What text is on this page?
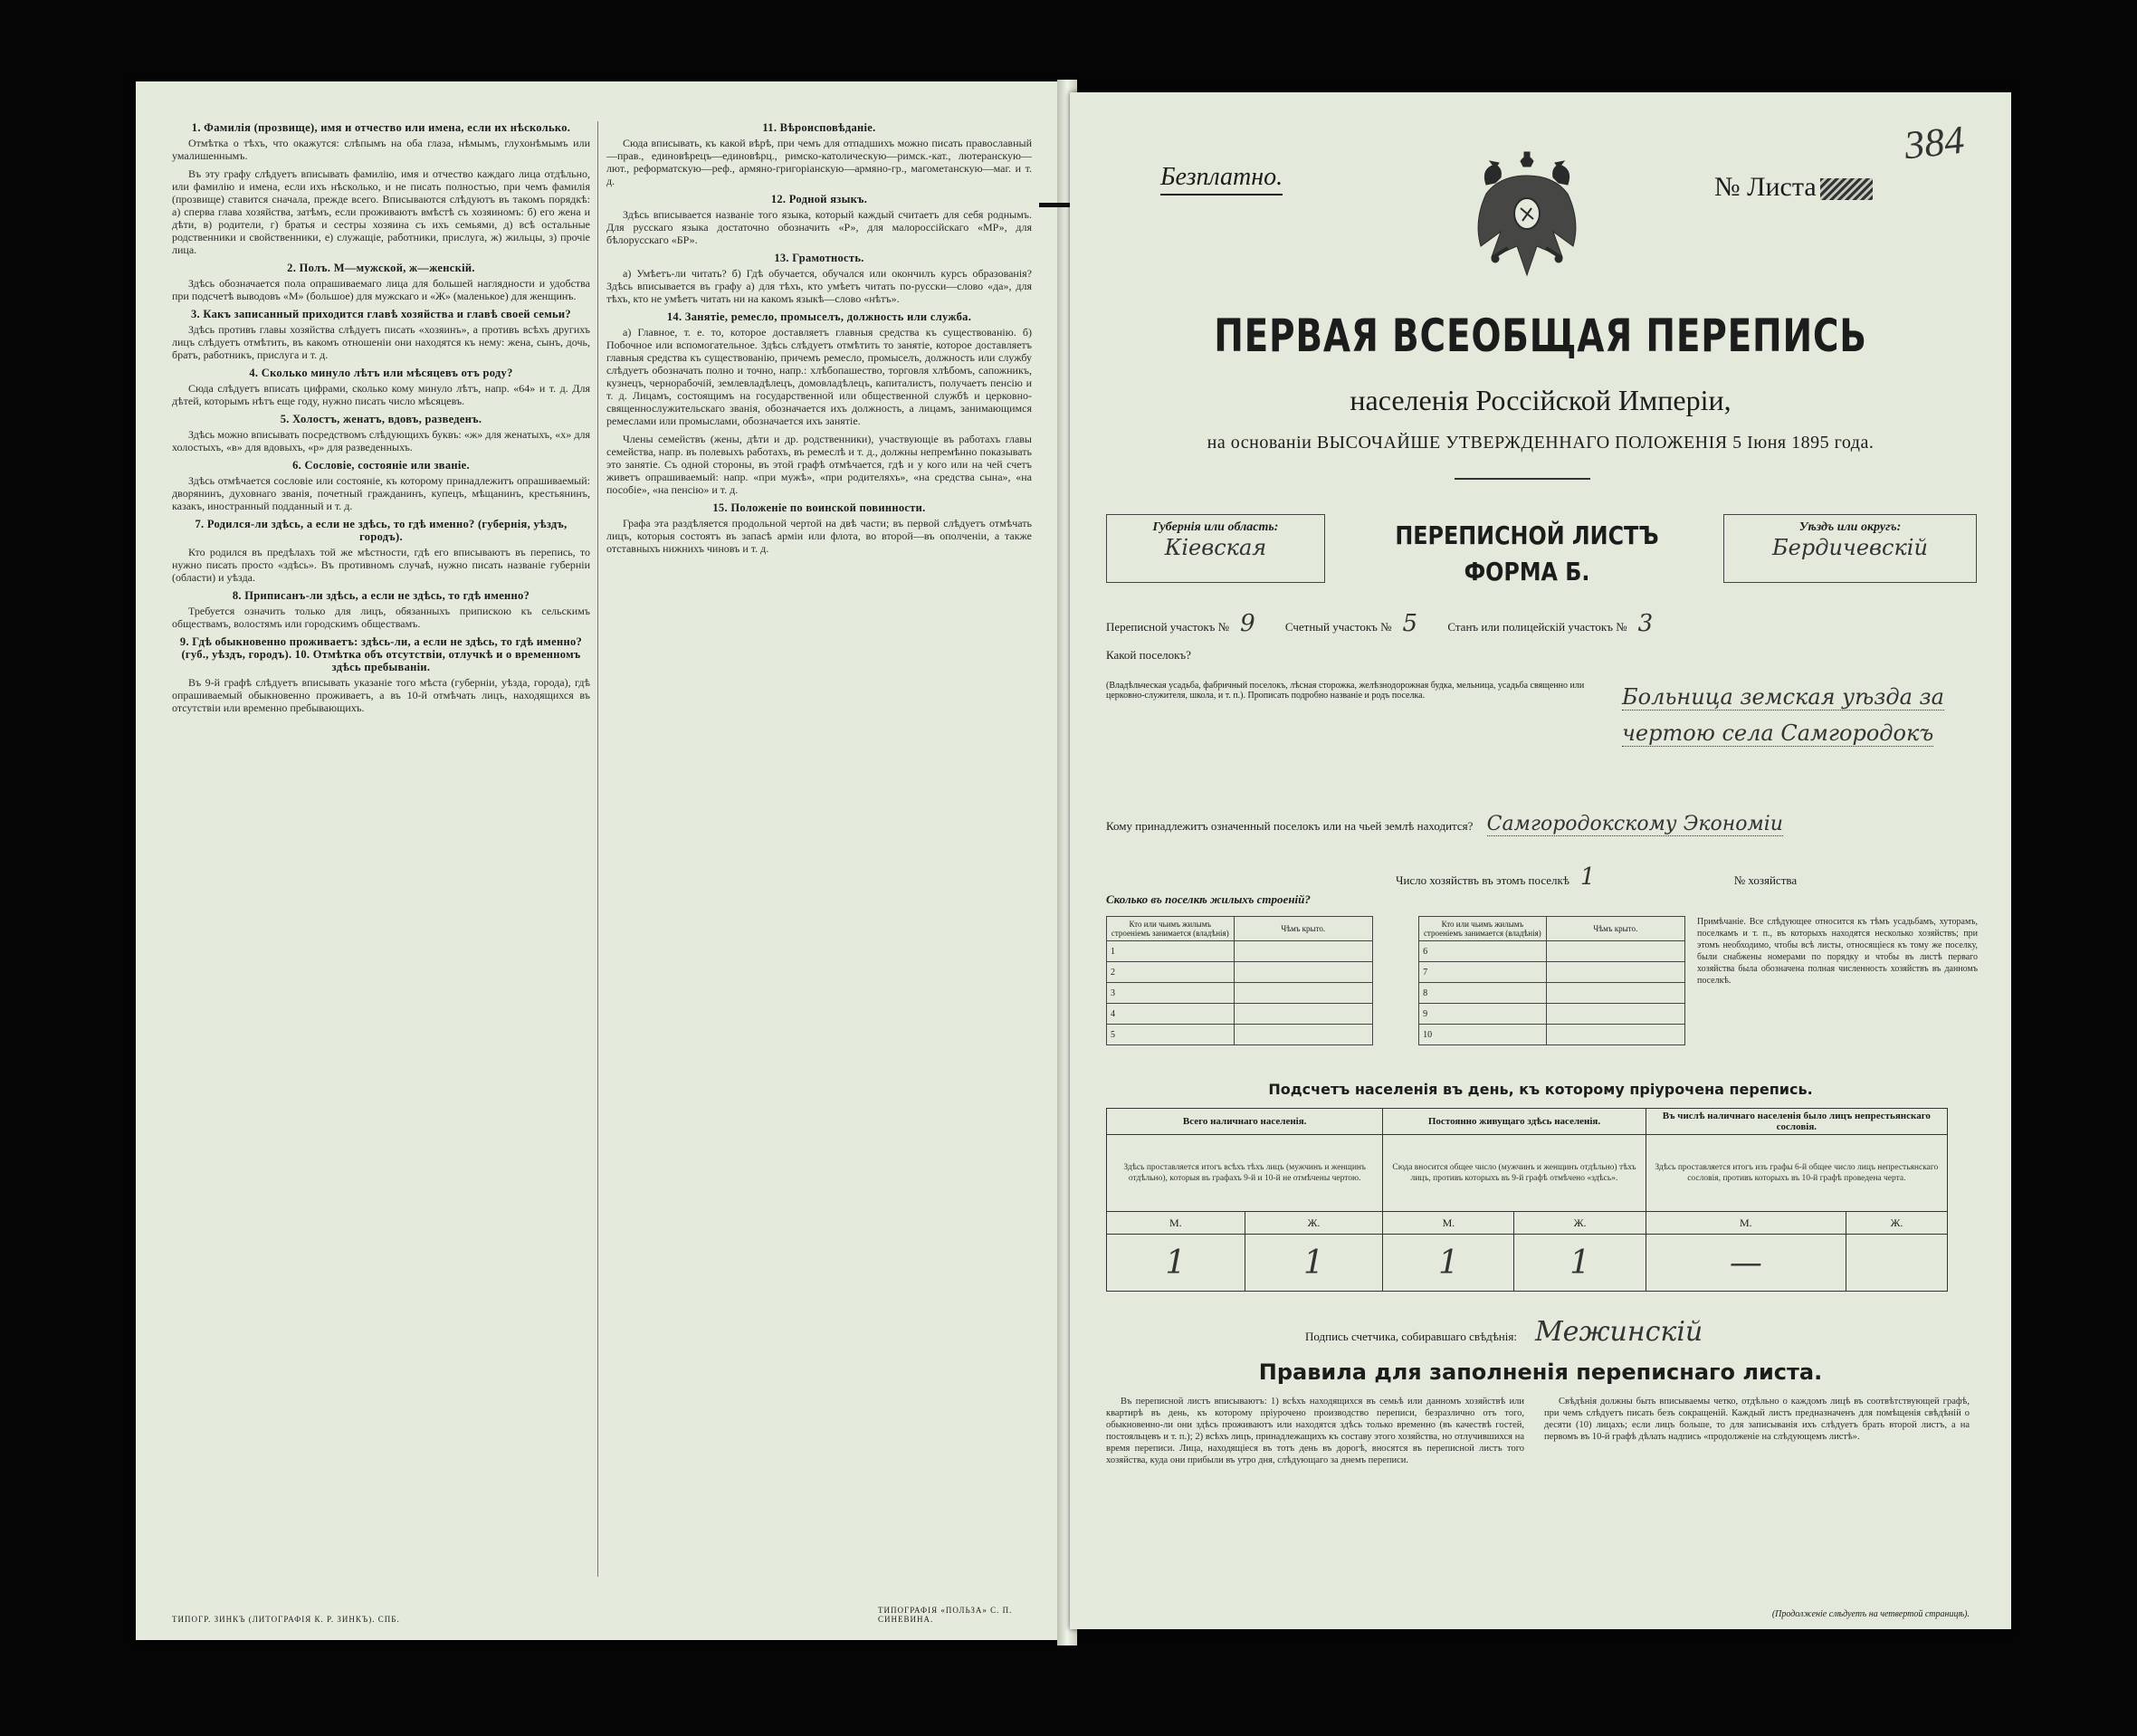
1. Фамилія (прозвище), имя и отчество или имена, если их нѣсколько.

Отмѣтка о тѣхъ, что окажутся: слѣпымъ на оба глаза, нѣмымъ, глухонѣмымъ или умалишеннымъ.

Въ эту графу слѣдуетъ вписывать фамилію, имя и отчество каждаго лица отдѣльно, или фамилію и имена, если ихъ нѣсколько, и не писать полностью, при чемъ фамилія (прозвище) ставится сначала, прежде всего. Вписываются слѣдуютъ въ такомъ порядкѣ: а) сперва глава хозяйства, затѣмъ, если проживаютъ вмѣстѣ съ хозяиномъ: б) его жена и дѣти, в) родители, г) братья и сестры хозяина съ ихъ семьями, д) всѣ остальные родственники и свойственники, е) служащіе, работники, прислуга, ж) жильцы, з) прочіе лица.

2. Полъ. М—мужской, ж—женскій.

Здѣсь обозначается пола опрашиваемаго лица для большей наглядности и удобства при подсчетѣ выводовъ «М» (большое) для мужскаго и «Ж» (маленькое) для женщинъ.

3. Какъ записанный приходится главѣ хозяйства и главѣ своей семьи?

Здѣсь противъ главы хозяйства слѣдуетъ писать «хозяинъ», а противъ всѣхъ другихъ лицъ слѣдуетъ отмѣтить, въ какомъ отношеніи они находятся къ нему: жена, сынъ, дочь, братъ, работникъ, прислуга и т. д.

4. Сколько минуло лѣтъ или мѣсяцевъ отъ роду?

Сюда слѣдуетъ вписать цифрами, сколько кому минуло лѣтъ, напр. «64» и т. д. Для дѣтей, которымъ нѣтъ еще году, нужно писать число мѣсяцевъ.

5. Холостъ, женатъ, вдовъ, разведенъ.

Здѣсь можно вписывать посредствомъ слѣдующихъ буквъ: «ж» для женатыхъ, «х» для холостыхъ, «в» для вдовыхъ, «р» для разведенныхъ.

6. Сословіе, состояніе или званіе.

Здѣсь отмѣчается сословіе или состояніе, къ которому принадлежитъ опрашиваемый: дворянинъ, духовнаго званія, почетный гражданинъ, купецъ, мѣщанинъ, крестьянинъ, казакъ, иностранный подданный и т. д.

7. Родился-ли здѣсь, а если не здѣсь, то гдѣ именно? (губернія, уѣздъ, городъ).

Кто родился въ предѣлахъ той же мѣстности, гдѣ его вписываютъ въ перепись, то нужно писать просто «здѣсь». Въ противномъ случаѣ, нужно писать названіе губерніи (области) и уѣзда.

8. Приписанъ-ли здѣсь, а если не здѣсь, то гдѣ именно?

Требуется означить только для лицъ, обязанныхъ припискою къ сельскимъ обществамъ, волостямъ или городскимъ обществамъ.

9. Гдѣ обыкновенно проживаетъ: здѣсь-ли, а если не здѣсь, то гдѣ именно? (губ., уѣздъ, городъ). 10. Отмѣтка объ отсутствіи, отлучкѣ и о временномъ здѣсь пребываніи.

Въ 9-й графѣ слѣдуетъ вписывать указаніе того мѣста (губерніи, уѣзда, города), гдѣ опрашиваемый обыкновенно проживаетъ, а въ 10-й отмѣчать лицъ, находящихся въ отсутствіи или временно пребывающихъ.

11. Вѣроисповѣданіе.

Сюда вписывать, къ какой вѣрѣ, при чемъ для отпадшихъ можно писать православный—прав., единовѣрецъ—единовѣрц., римско-католическую—римск.-кат., лютеранскую—лют., реформатскую—реф., армяно-григоріанскую—армяно-гр., магометанскую—маг. и т. д.

12. Родной языкъ.

Здѣсь вписывается названіе того языка, который каждый считаетъ для себя роднымъ. Для русскаго языка достаточно обозначить «Р», для малороссійскаго «МР», для бѣлорусскаго «БР».

13. Грамотность.

а) Умѣетъ-ли читать? б) Гдѣ обучается, обучался или окончилъ курсъ образованія? Здѣсь вписывается въ графу а) для тѣхъ, кто умѣетъ читать по-русски—слово «да», для тѣхъ, кто не умѣетъ читать ни на какомъ языкѣ—слово «нѣтъ».

14. Занятіе, ремесло, промыселъ, должность или служба.

а) Главное, т. е. то, которое доставляетъ главныя средства къ существованію. б) Побочное или вспомогательное. Здѣсь слѣдуетъ отмѣтить то занятіе, которое доставляетъ главныя средства къ существованію, причемъ ремесло, промыселъ, должность или службу слѣдуетъ обозначать полно и точно, напр.: хлѣбопашество, торговля хлѣбомъ, сапожникъ, кузнецъ, чернорабочій, землевладѣлецъ, домовладѣлецъ, капиталистъ, получаетъ пенсію и т. д. Лицамъ, состоящимъ на государственной или общественной службѣ и церковно-священнослужительскаго званія, обозначается ихъ должность, а лицамъ, занимающимся ремеслами или промыслами, обозначается ихъ занятіе.

Члены семействъ (жены, дѣти и др. родственники), участвующіе въ работахъ главы семейства, напр. въ полевыхъ работахъ, въ ремеслѣ и т. д., должны непремѣнно показывать это занятіе. Съ одной стороны, въ этой графѣ отмѣчается, гдѣ и у кого или на чей счетъ живетъ опрашиваемый: напр. «при мужѣ», «при родителяхъ», «на средства сына», «на пособіе», «на пенсію» и т. д.

15. Положеніе по воинской повинности.

Графа эта раздѣляется продольной чертой на двѣ части; въ первой слѣдуетъ отмѣчать лицъ, которыя состоятъ въ запасѣ арміи или флота, во второй—въ ополченіи, а также отставныхъ нижнихъ чиновъ и т. д.

ТИПОГР. ЗИНКЪ (ЛИТОГРАФІЯ К. Р. ЗИНКЪ). СПБ.
ТИПОГРАФІЯ «ПОЛЬЗА» С. П. СИНЕВИНА.
Безплатно.	№ Листа
384
ПЕРВАЯ ВСЕОБЩАЯ ПЕРЕПИСЬ
населенія Россійской Имперіи,
на основаніи ВЫСОЧАЙШЕ УТВЕРЖДЕННАГО ПОЛОЖЕНІЯ 5 Іюня 1895 года.
Губернія или область:
Кіевская	ПЕРЕПИСНОЙ ЛИСТЪ
ФОРМА Б.
Уѣздъ или округъ:
Бердичевскій
Переписной участокъ № 9	Счетный участокъ № 5	Станъ или полицейскій участокъ № 3
Какой поселокъ?
(Владѣльческая усадьба, фабричный поселокъ, лѣсная сторожка, желѣзнодорожная будка, мельница, усадьба священно или церковно-служителя, школа, и т. п.). Прописать подробно названіе и родъ поселка.	Больница земская уѣзда за чертою села Самгородокъ
Кому принадлежитъ означенный поселокъ или на чьей землѣ находится? Самгородокскому Экономіи
Число хозяйствъ въ этомъ поселкѣ 1	№ хозяйства
Сколько въ поселкѣ жилыхъ строеній?
Кто или чьимъ жилымъ строеніемъ занимается (владѣнія)	Чѣмъ крыто.		Кто или чьимъ жилымъ строеніемъ занимается (владѣнія)	Чѣмъ крыто.
1			6	
2			7	
3			8	
4			9	
5			10	
Примѣчаніе. Все слѣдующее относится къ тѣмъ усадьбамъ, хуторамъ, поселкамъ и т. п., въ которыхъ находятся несколько хозяйствъ; при этомъ необходимо, чтобы всѣ листы, относящіеся къ тому же поселку, были снабжены номерами по порядку и чтобы въ листѣ перваго хозяйства была обозначена полная численность хозяйствъ въ данномъ поселкѣ.
Подсчетъ населенія въ день, къ которому пріурочена перепись.
Всего наличнаго населенія.		Постоянно живущаго здѣсь населенія.		Въ числѣ наличнаго населенія было лицъ непрестьянскаго сословія.	
Здѣсь проставляется итогъ всѣхъ тѣхъ лицъ (мужчинъ и женщинъ отдѣльно), которыя въ графахъ 9-й и 10-й не отмѣчены чертою.		Сюда вносится общее число (мужчинъ и женщинъ отдѣльно) тѣхъ лицъ, противъ которыхъ въ 9-й графѣ отмѣчено «здѣсь».		Здѣсь проставляется итогъ изъ графы 6-й общее число лицъ непрестьянскаго сословія, противъ которыхъ въ 10-й графѣ проведена черта.	
М.	Ж.	М.	Ж.	М.	Ж.
1	1	1	1	—	
Подпись счетчика, собиравшаго свѣдѣнія: Межинскій
Правила для заполненія переписнаго листа.

Въ переписной листъ вписываютъ: 1) всѣхъ находящихся въ семьѣ или данномъ хозяйствѣ или квартирѣ въ день, къ которому пріурочено производство переписи, безразлично отъ того, обыкновенно-ли они здѣсь проживаютъ или находятся здѣсь только временно (въ качествѣ гостей, постояльцевъ и т. п.); 2) всѣхъ лицъ, принадлежащихъ къ составу этого хозяйства, но отлучившихся на время переписи. Лица, находящіеся въ тотъ день въ дорогѣ, вносятся въ переписной листъ того хозяйства, куда они прибыли въ утро дня, слѣдующаго за днемъ переписи.

Свѣдѣнія должны быть вписываемы четко, отдѣльно о каждомъ лицѣ въ соотвѣтствующей графѣ, при чемъ слѣдуетъ писать безъ сокращеній. Каждый листъ предназначенъ для помѣщенія свѣдѣній о десяти (10) лицахъ; если лицъ больше, то для записыванія ихъ слѣдуетъ брать второй листъ, а на первомъ въ 10-й графѣ дѣлать надпись «продолженіе на слѣдующемъ листѣ».

(Продолженіе слѣдуетъ на четвертой страницѣ).
